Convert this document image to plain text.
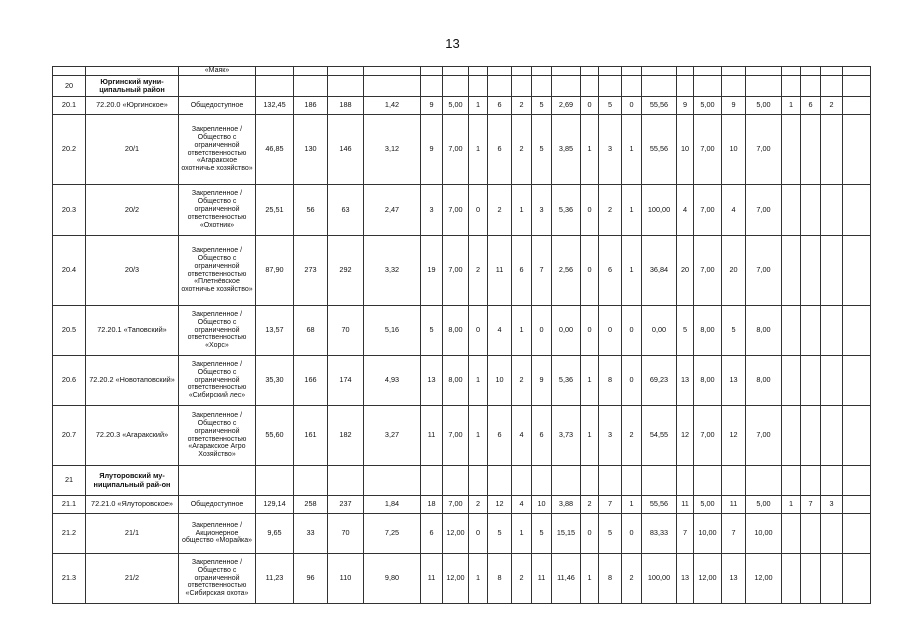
13
		«Маяк»																							
20	Юргинский муни-ципальный район																								
20.1	72.20.0 «Юргинское»	Общедоступное	132,45	186	188	1,42	9	5,00	1	6	2	5	2,69	0	5	0	55,56	9	5,00	9	5,00	1	6	2	
20.2	20/1	Закрепленное / Общество с ограниченной ответственностью «Агаракское охотничье хозяйство»	46,85	130	146	3,12	9	7,00	1	6	2	5	3,85	1	3	1	55,56	10	7,00	10	7,00				
20.3	20/2	Закрепленное / Общество с ограниченной ответственностью «Охотник»	25,51	56	63	2,47	3	7,00	0	2	1	3	5,36	0	2	1	100,00	4	7,00	4	7,00				
20.4	20/3	Закрепленное /Общество с ограниченной ответственностью «Плетнёвское охотничье хозяйство»	87,90	273	292	3,32	19	7,00	2	11	6	7	2,56	0	6	1	36,84	20	7,00	20	7,00				
20.5	72.20.1 «Таповский»	Закрепленное / Общество с ограниченной ответственностью «Хорс»	13,57	68	70	5,16	5	8,00	0	4	1	0	0,00	0	0	0	0,00	5	8,00	5	8,00				
20.6	72.20.2 «Новотаповский»	Закрепленное / Общество с ограниченной ответственностью «Сибирский лес»	35,30	166	174	4,93	13	8,00	1	10	2	9	5,36	1	8	0	69,23	13	8,00	13	8,00				
20.7	72.20.3 «Агаракский»	Закрепленное / Общество с ограниченной ответственностью «Агаракское Агро Хозяйство»	55,60	161	182	3,27	11	7,00	1	6	4	6	3,73	1	3	2	54,55	12	7,00	12	7,00				
21	Ялуторовский му-ниципальный рай-он																								
21.1	72.21.0 «Ялуторовское»	Общедоступное	129,14	258	237	1,84	18	7,00	2	12	4	10	3,88	2	7	1	55,56	11	5,00	11	5,00	1	7	3	
21.2	21/1	Закрепленное / Акционерное общество «Морайка»	9,65	33	70	7,25	6	12,00	0	5	1	5	15,15	0	5	0	83,33	7	10,00	7	10,00				
21.3	21/2	Закрепленное / Общество с ограниченной ответственностью «Сибирская охота»	11,23	96	110	9,80	11	12,00	1	8	2	11	11,46	1	8	2	100,00	13	12,00	13	12,00				
